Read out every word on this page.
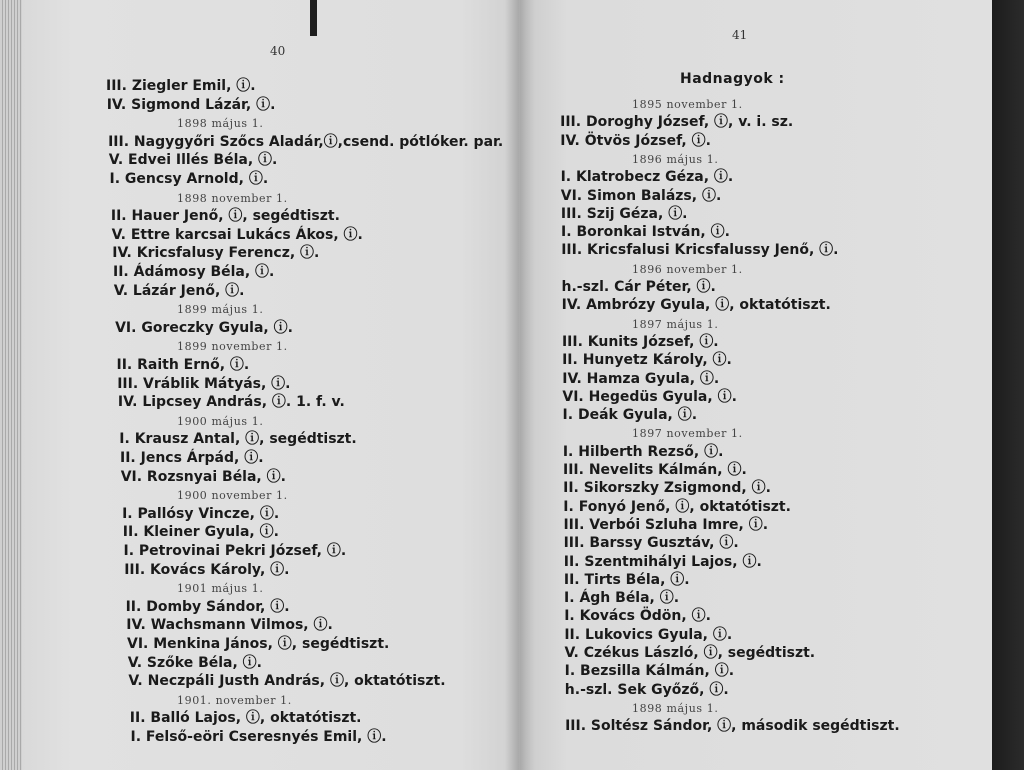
40
III. Ziegler Emil, ⓘ.
IV. Sigmond Lázár, ⓘ.
1898 május 1.
III. Nagygyőri Szőcs Aladár,ⓘ,csend. pótlóker. par.
V. Edvei Illés Béla, ⓘ.
I. Gencsy Arnold, ⓘ.
1898 november 1.
II. Hauer Jenő, ⓘ, segédtiszt.
V. Ettre karcsai Lukács Ákos, ⓘ.
IV. Kricsfalusy Ferencz, ⓘ.
II. Ádámosy Béla, ⓘ.
V. Lázár Jenő, ⓘ.
1899 május 1.
VI. Goreczky Gyula, ⓘ.
1899 november 1.
II. Raith Ernő, ⓘ.
III. Vráblik Mátyás, ⓘ.
IV. Lipcsey András, ⓘ. 1. f. v.
1900 május 1.
I. Krausz Antal, ⓘ, segédtiszt.
II. Jencs Árpád, ⓘ.
VI. Rozsnyai Béla, ⓘ.
1900 november 1.
I. Pallósy Vincze, ⓘ.
II. Kleiner Gyula, ⓘ.
I. Petrovinai Pekri József, ⓘ.
III. Kovács Károly, ⓘ.
1901 május 1.
II. Domby Sándor, ⓘ.
IV. Wachsmann Vilmos, ⓘ.
VI. Menkina János, ⓘ, segédtiszt.
V. Szőke Béla, ⓘ.
V. Neczpáli Justh András, ⓘ, oktatótiszt.
1901. november 1.
II. Balló Lajos, ⓘ, oktatótiszt.
I. Felső-eöri Cseresnyés Emil, ⓘ.
41
Hadnagyok :
1895 november 1.
III. Doroghy József, ⓘ, v. i. sz.
IV. Ötvös József, ⓘ.
1896 május 1.
I. Klatrobecz Géza, ⓘ.
VI. Simon Balázs, ⓘ.
III. Szij Géza, ⓘ.
I. Boronkai István, ⓘ.
III. Kricsfalusi Kricsfalussy Jenő, ⓘ.
1896 november 1.
h.-szl. Cár Péter, ⓘ.
IV. Ambrózy Gyula, ⓘ, oktatótiszt.
1897 május 1.
III. Kunits József, ⓘ.
II. Hunyetz Károly, ⓘ.
IV. Hamza Gyula, ⓘ.
VI. Hegedüs Gyula, ⓘ.
I. Deák Gyula, ⓘ.
1897 november 1.
I. Hilberth Rezső, ⓘ.
III. Nevelits Kálmán, ⓘ.
II. Sikorszky Zsigmond, ⓘ.
I. Fonyó Jenő, ⓘ, oktatótiszt.
III. Verbói Szluha Imre, ⓘ.
III. Barssy Gusztáv, ⓘ.
II. Szentmihályi Lajos, ⓘ.
II. Tirts Béla, ⓘ.
I. Ágh Béla, ⓘ.
I. Kovács Ödön, ⓘ.
II. Lukovics Gyula, ⓘ.
V. Czékus László, ⓘ, segédtiszt.
I. Bezsilla Kálmán, ⓘ.
h.-szl. Sek Győző, ⓘ.
1898 május 1.
III. Soltész Sándor, ⓘ, második segédtiszt.
